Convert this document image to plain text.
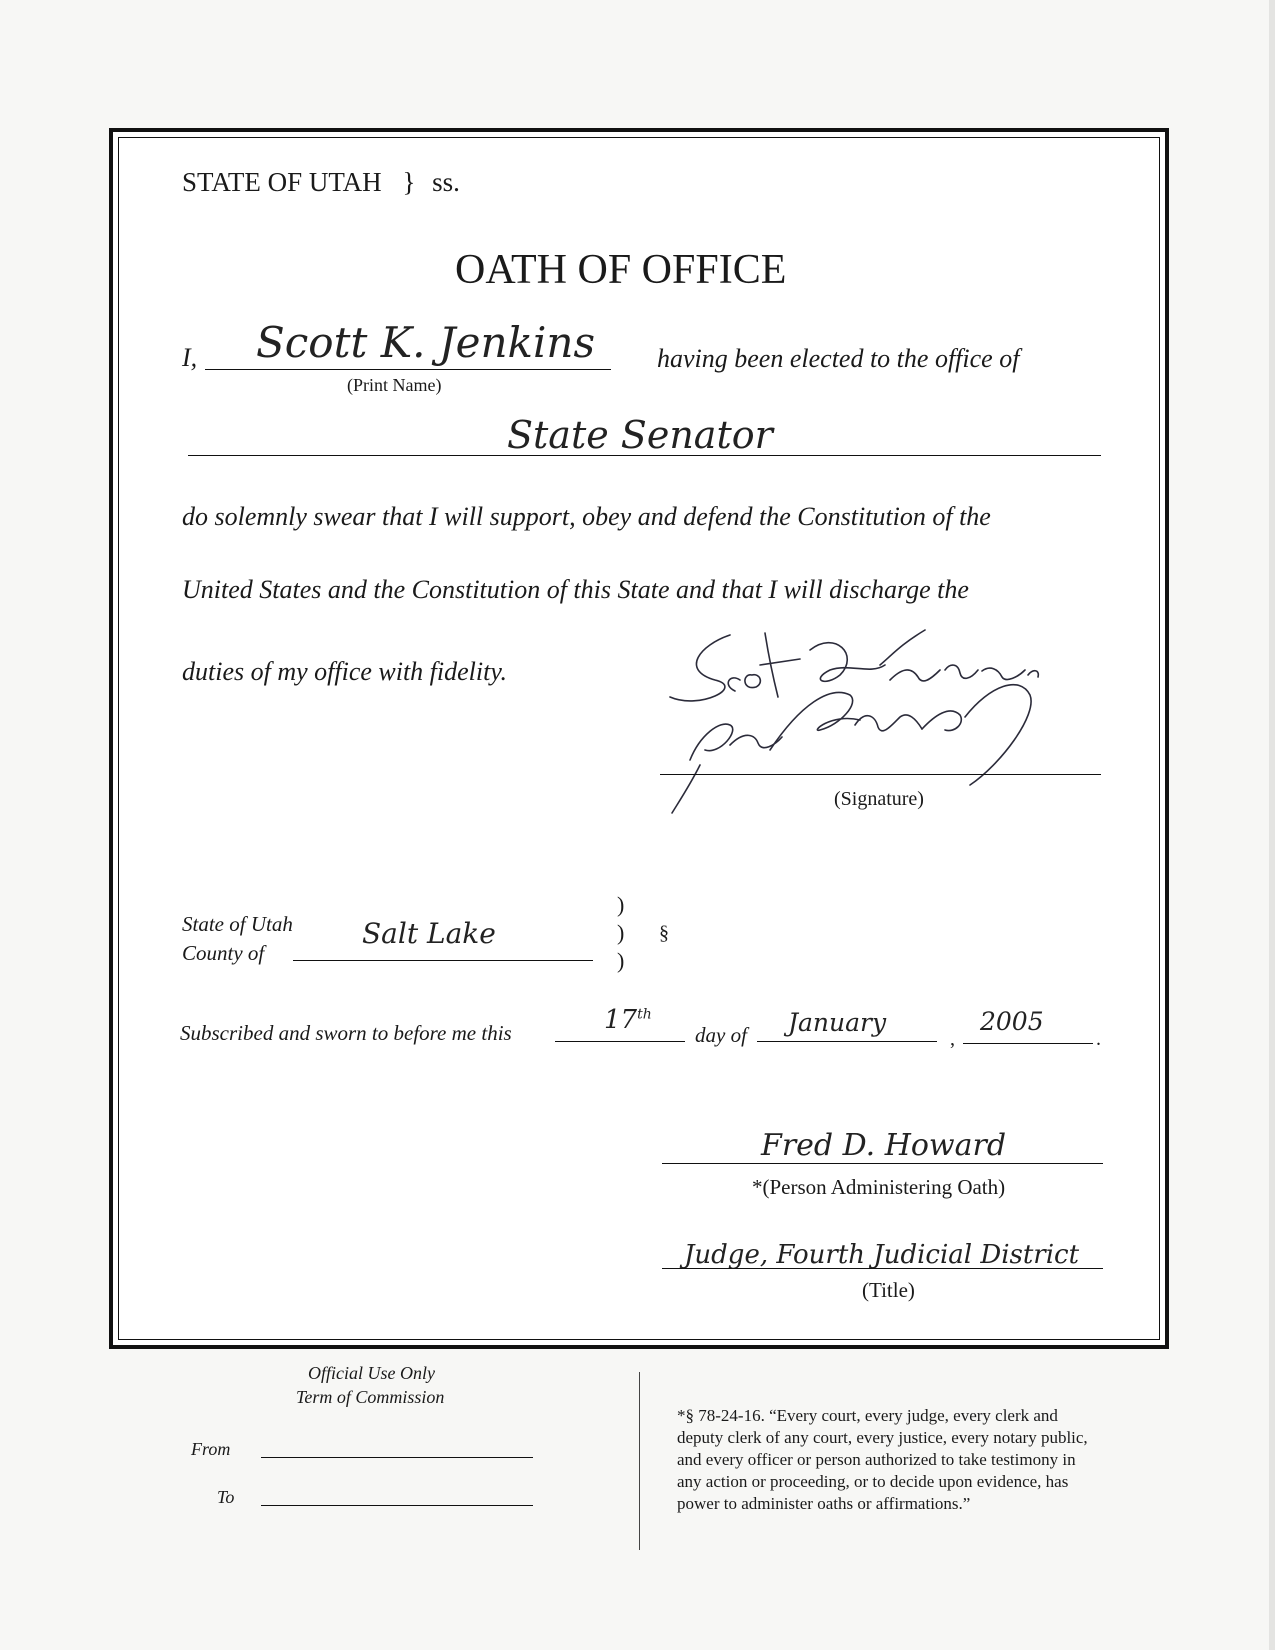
STATE OF UTAH } ss.
OATH OF OFFICE
I, Scott K. Jenkins
(Print Name)
having been elected to the office of
State Senator
do solemnly swear that I will support, obey and defend the Constitution of the
United States and the Constitution of this State and that I will discharge the
duties of my office with fidelity.
(Signature)
State of Utah
County of
Salt Lake
)
)
)
§
Subscribed and sworn to before me this	17th
day of January
,
2005
.
Fred D. Howard
*(Person Administering Oath)
Judge, Fourth Judicial District
(Title)
Official Use Only
Term of Commission
From
To
*§ 78-24-16. “Every court, every judge, every clerk and
deputy clerk of any court, every justice, every notary public,
and every officer or person authorized to take testimony in
any action or proceeding, or to decide upon evidence, has
power to administer oaths or affirmations.”
